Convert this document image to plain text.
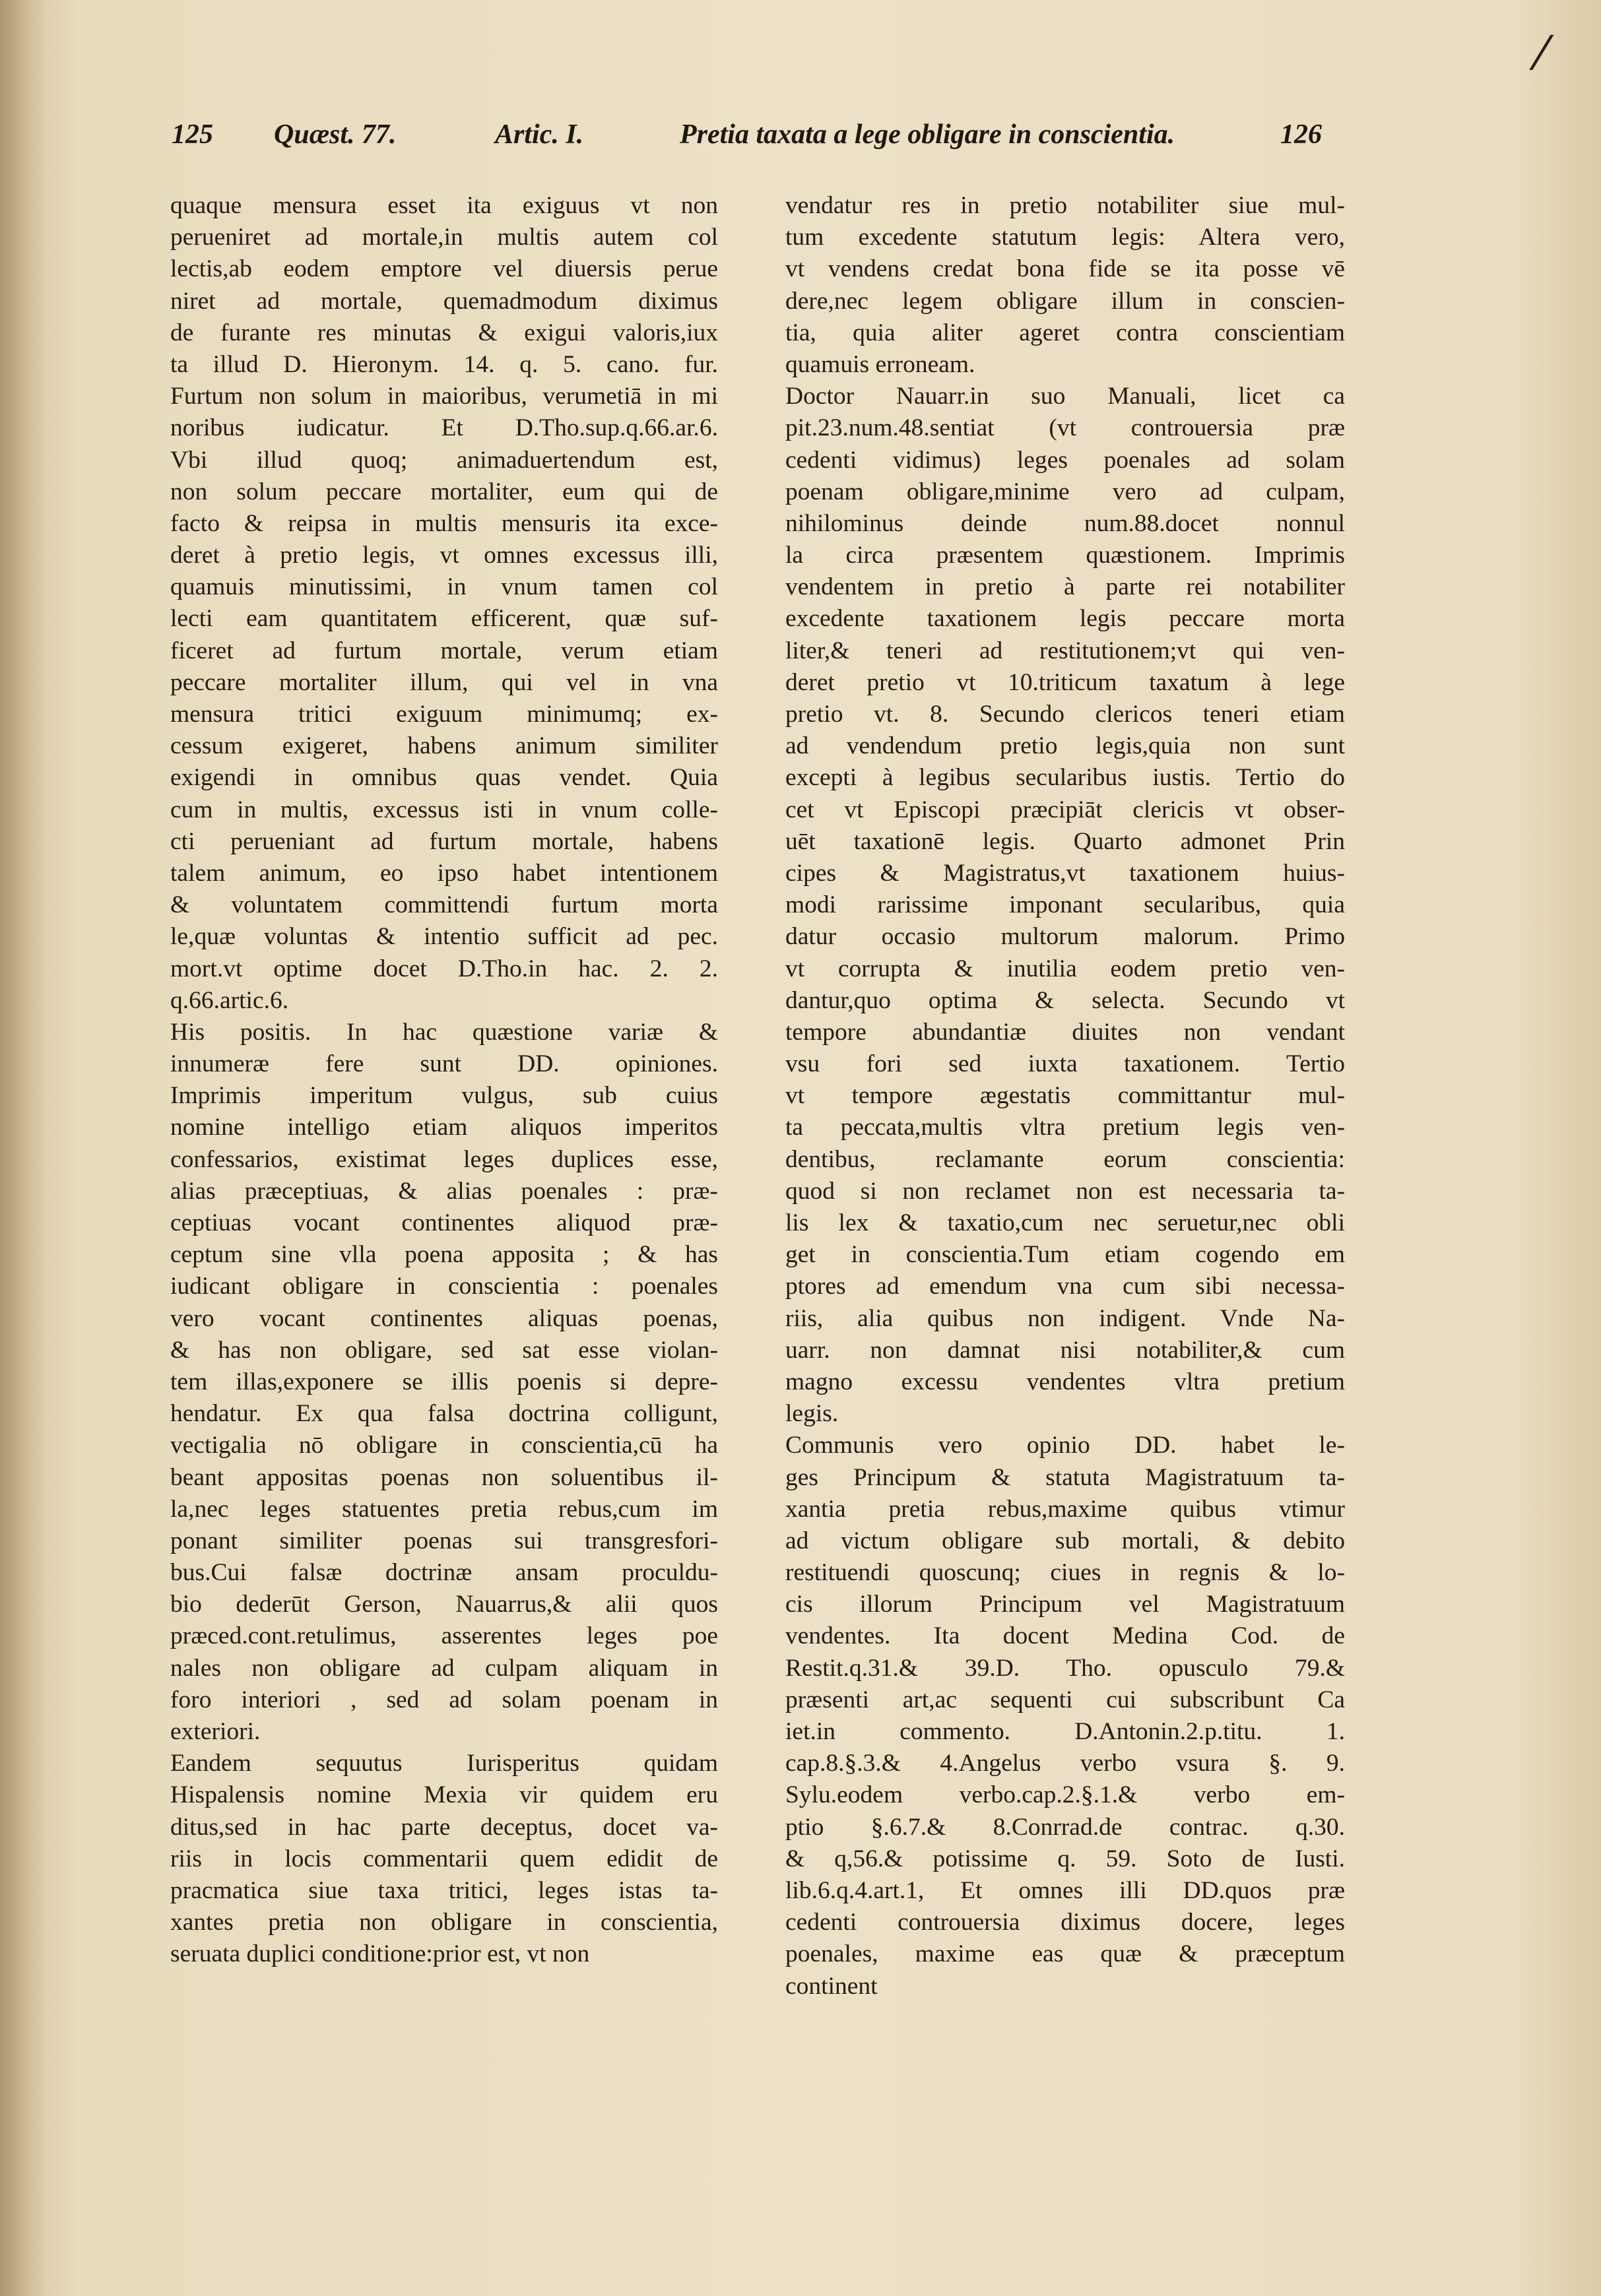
125 Quæst. 77.	Artic. I.	Pretia taxata a lege obligare in conscientia.	126
quaque mensura esset ita exiguus vt non
perueniret ad mortale,in multis autem col
lectis,ab eodem emptore vel diuersis perue
niret ad mortale, quemadmodum diximus
de furante res minutas & exigui valoris,iux
ta illud D. Hieronym. 14. q. 5. cano. fur.
Furtum non solum in maioribus, verumetiā in mi
noribus iudicatur. Et D.Tho.sup.q.66.ar.6.
Vbi illud quoq; animaduertendum est,
non solum peccare mortaliter, eum qui de
facto & reipsa in multis mensuris ita exce-
deret à pretio legis, vt omnes excessus illi,
quamuis minutissimi, in vnum tamen col
lecti eam quantitatem efficerent, quæ suf-
ficeret ad furtum mortale, verum etiam
peccare mortaliter illum, qui vel in vna
mensura tritici exiguum minimumq; ex-
cessum exigeret, habens animum similiter
exigendi in omnibus quas vendet. Quia
cum in multis, excessus isti in vnum colle-
cti perueniant ad furtum mortale, habens
talem animum, eo ipso habet intentionem
& voluntatem committendi furtum morta
le,quæ voluntas & intentio sufficit ad pec.
mort.vt optime docet D.Tho.in hac. 2. 2.
q.66.artic.6.
His positis. In hac quæstione variæ &
innumeræ fere sunt DD. opiniones.
Imprimis imperitum vulgus, sub cuius
nomine intelligo etiam aliquos imperitos
confessarios, existimat leges duplices esse,
alias præceptiuas, & alias poenales : præ-
ceptiuas vocant continentes aliquod præ-
ceptum sine vlla poena apposita ; & has
iudicant obligare in conscientia : poenales
vero vocant continentes aliquas poenas,
& has non obligare, sed sat esse violan-
tem illas,exponere se illis poenis si depre-
hendatur. Ex qua falsa doctrina colligunt,
vectigalia nō obligare in conscientia,cū ha
beant appositas poenas non soluentibus il-
la,nec leges statuentes pretia rebus,cum im
ponant similiter poenas sui transgresfori-
bus.Cui falsæ doctrinæ ansam proculdu-
bio dederūt Gerson, Nauarrus,& alii quos
præced.cont.retulimus, asserentes leges poe
nales non obligare ad culpam aliquam in
foro interiori , sed ad solam poenam in
exteriori.
Eandem sequutus Iurisperitus quidam
Hispalensis nomine Mexia vir quidem eru
ditus,sed in hac parte deceptus, docet va-
riis in locis commentarii quem edidit de
pracmatica siue taxa tritici, leges istas ta-
xantes pretia non obligare in conscientia,
seruata duplici conditione:prior est, vt non
vendatur res in pretio notabiliter siue mul-
tum excedente statutum legis: Altera vero,
vt vendens credat bona fide se ita posse vē
dere,nec legem obligare illum in conscien-
tia, quia aliter ageret contra conscientiam
quamuis erroneam.
Doctor Nauarr.in suo Manuali, licet ca
pit.23.num.48.sentiat (vt controuersia præ
cedenti vidimus) leges poenales ad solam
poenam obligare,minime vero ad culpam,
nihilominus deinde num.88.docet nonnul
la circa præsentem quæstionem. Imprimis
vendentem in pretio à parte rei notabiliter
excedente taxationem legis peccare morta
liter,& teneri ad restitutionem;vt qui ven-
deret pretio vt 10.triticum taxatum à lege
pretio vt. 8. Secundo clericos teneri etiam
ad vendendum pretio legis,quia non sunt
excepti à legibus secularibus iustis. Tertio do
cet vt Episcopi præcipiāt clericis vt obser-
uēt taxationē legis. Quarto admonet Prin
cipes & Magistratus,vt taxationem huius-
modi rarissime imponant secularibus, quia
datur occasio multorum malorum. Primo
vt corrupta & inutilia eodem pretio ven-
dantur,quo optima & selecta. Secundo vt
tempore abundantiæ diuites non vendant
vsu fori sed iuxta taxationem. Tertio
vt tempore ægestatis committantur mul-
ta peccata,multis vltra pretium legis ven-
dentibus, reclamante eorum conscientia:
quod si non reclamet non est necessaria ta-
lis lex & taxatio,cum nec seruetur,nec obli
get in conscientia.Tum etiam cogendo em
ptores ad emendum vna cum sibi necessa-
riis, alia quibus non indigent. Vnde Na-
uarr. non damnat nisi notabiliter,& cum
magno excessu vendentes vltra pretium
legis.
Communis vero opinio DD. habet le-
ges Principum & statuta Magistratuum ta-
xantia pretia rebus,maxime quibus vtimur
ad victum obligare sub mortali, & debito
restituendi quoscunq; ciues in regnis & lo-
cis illorum Principum vel Magistratuum
vendentes. Ita docent Medina Cod. de
Restit.q.31.& 39.D. Tho. opusculo 79.&
præsenti art,ac sequenti cui subscribunt Ca
iet.in commento. D.Antonin.2.p.titu. 1.
cap.8.§.3.& 4.Angelus verbo vsura §. 9.
Sylu.eodem verbo.cap.2.§.1.& verbo em-
ptio §.6.7.& 8.Conrrad.de contrac. q.30.
& q,56.& potissime q. 59. Soto de Iusti.
lib.6.q.4.art.1, Et omnes illi DD.quos præ
cedenti controuersia diximus docere, leges
poenales, maxime eas quæ & præceptum
continent
⁄
